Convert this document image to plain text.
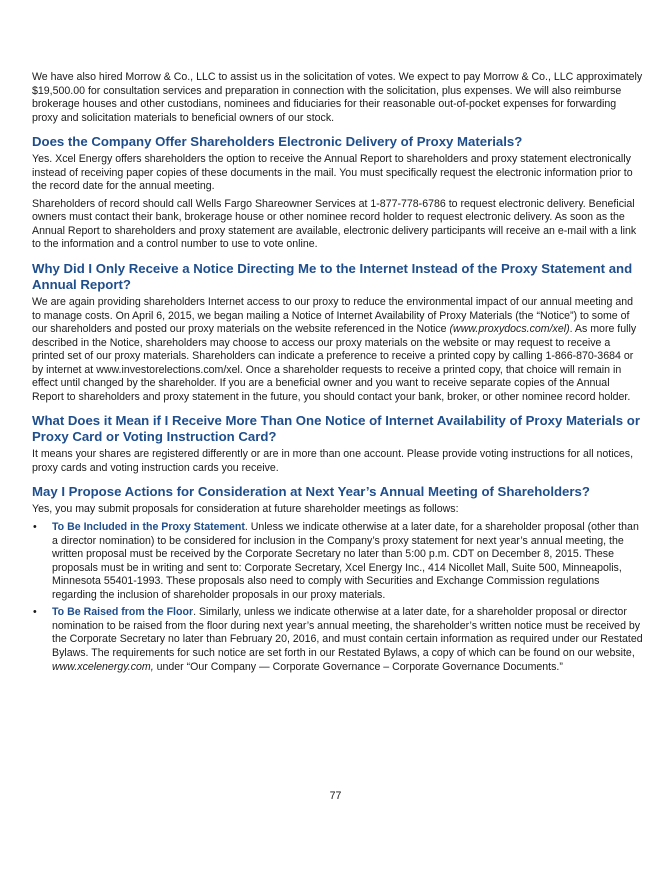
We have also hired Morrow & Co., LLC to assist us in the solicitation of votes. We expect to pay Morrow & Co., LLC approximately $19,500.00 for consultation services and preparation in connection with the solicitation, plus expenses. We will also reimburse brokerage houses and other custodians, nominees and fiduciaries for their reasonable out-of-pocket expenses for forwarding proxy and solicitation materials to beneficial owners of our stock.

Does the Company Offer Shareholders Electronic Delivery of Proxy Materials?

Yes. Xcel Energy offers shareholders the option to receive the Annual Report to shareholders and proxy statement electronically instead of receiving paper copies of these documents in the mail. You must specifically request the electronic information prior to the record date for the annual meeting.

Shareholders of record should call Wells Fargo Shareowner Services at 1-877-778-6786 to request electronic delivery. Beneficial owners must contact their bank, brokerage house or other nominee record holder to request electronic delivery. As soon as the Annual Report to shareholders and proxy statement are available, electronic delivery participants will receive an e-mail with a link to the information and a control number to use to vote online.

Why Did I Only Receive a Notice Directing Me to the Internet Instead of the Proxy Statement and Annual Report?

We are again providing shareholders Internet access to our proxy to reduce the environmental impact of our annual meeting and to manage costs. On April 6, 2015, we began mailing a Notice of Internet Availability of Proxy Materials (the “Notice”) to some of our shareholders and posted our proxy materials on the website referenced in the Notice (www.proxydocs.com/xel). As more fully described in the Notice, shareholders may choose to access our proxy materials on the website or may request to receive a printed set of our proxy materials. Shareholders can indicate a preference to receive a printed copy by calling 1-866-870-3684 or by internet at www.investorelections.com/xel. Once a shareholder requests to receive a printed copy, that choice will remain in effect until changed by the shareholder. If you are a beneficial owner and you want to receive separate copies of the Annual Report to shareholders and proxy statement in the future, you should contact your bank, broker, or other nominee record holder.

What Does it Mean if I Receive More Than One Notice of Internet Availability of Proxy Materials or Proxy Card or Voting Instruction Card?

It means your shares are registered differently or are in more than one account. Please provide voting instructions for all notices, proxy cards and voting instruction cards you receive.

May I Propose Actions for Consideration at Next Year’s Annual Meeting of Shareholders?

Yes, you may submit proposals for consideration at future shareholder meetings as follows:

• To Be Included in the Proxy Statement. Unless we indicate otherwise at a later date, for a shareholder proposal (other than a director nomination) to be considered for inclusion in the Company’s proxy statement for next year’s annual meeting, the written proposal must be received by the Corporate Secretary no later than 5:00 p.m. CDT on December 8, 2015. These proposals must be in writing and sent to: Corporate Secretary, Xcel Energy Inc., 414 Nicollet Mall, Suite 500, Minneapolis, Minnesota 55401-1993. These proposals also need to comply with Securities and Exchange Commission regulations regarding the inclusion of shareholder proposals in our proxy materials.
• To Be Raised from the Floor. Similarly, unless we indicate otherwise at a later date, for a shareholder proposal or director nomination to be raised from the floor during next year’s annual meeting, the shareholder’s written notice must be received by the Corporate Secretary no later than February 20, 2016, and must contain certain information as required under our Restated Bylaws. The requirements for such notice are set forth in our Restated Bylaws, a copy of which can be found on our website, www.xcelenergy.com, under “Our Company — Corporate Governance – Corporate Governance Documents.”
77
